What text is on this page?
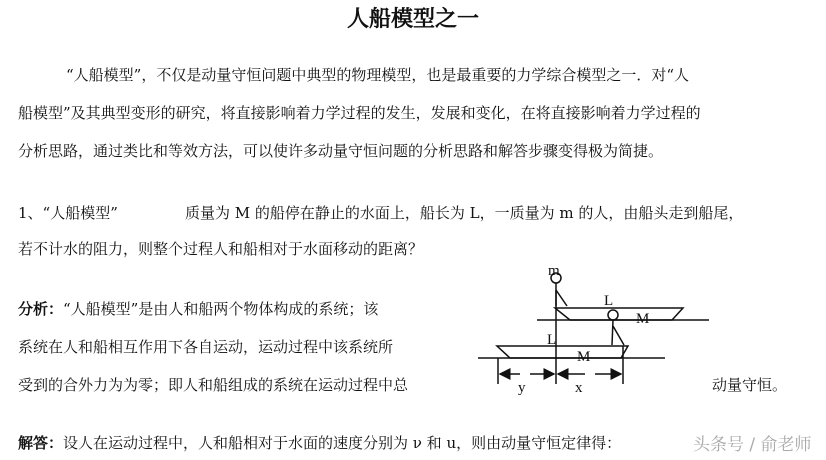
人船模型之一
“人船模型”，不仅是动量守恒问题中典型的物理模型，也是最重要的力学综合模型之一．对“人
船模型”及其典型变形的研究，将直接影响着力学过程的发生，发展和变化，在将直接影响着力学过程的
分析思路，通过类比和等效方法，可以使许多动量守恒问题的分析思路和解答步骤变得极为简捷。
1、“人船模型”	质量为 M 的船停在静止的水面上，船长为 L，一质量为 m 的人，由船头走到船尾，
若不计水的阻力，则整个过程人和船相对于水面移动的距离？
分析：“人船模型”是由人和船两个物体构成的系统；该
系统在人和船相互作用下各自运动，运动过程中该系统所
受到的合外力为为零；即人和船组成的系统在运动过程中总	动量守恒。
解答：设人在运动过程中，人和船相对于水面的速度分别为 ν 和 u，则由动量守恒定律得：	头条号 / 俞老师
m
L
M
L
M
y	x
